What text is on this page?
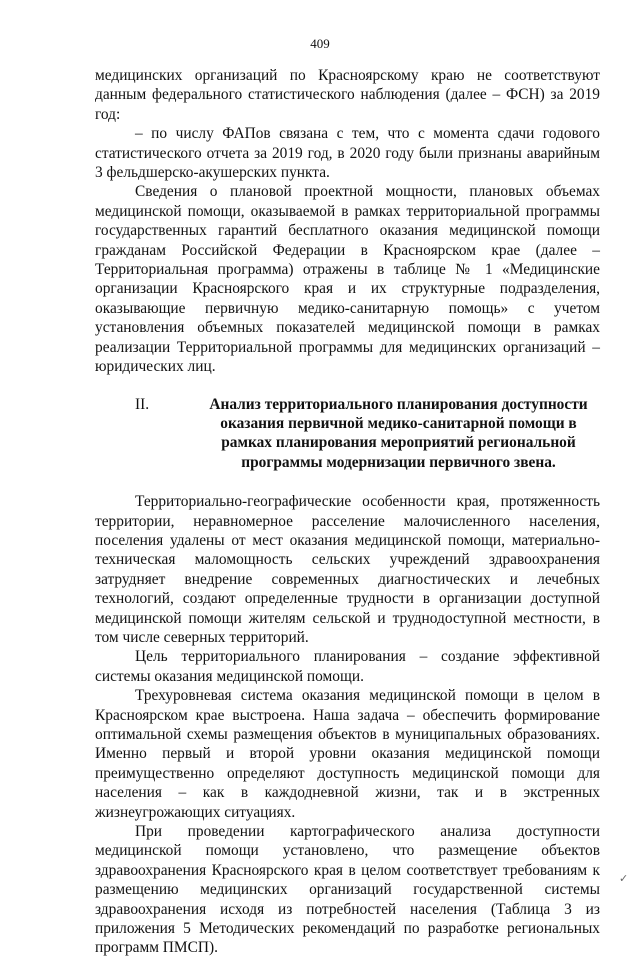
409

медицинских организаций по Красноярскому краю не соответствуют данным федерального статистического наблюдения (далее – ФСН) за 2019 год:

– по числу ФАПов связана с тем, что с момента сдачи годового статистического отчета за 2019 год, в 2020 году были признаны аварийным 3 фельдшерско-акушерских пункта.

Сведения о плановой проектной мощности, плановых объемах медицинской помощи, оказываемой в рамках территориальной программы государственных гарантий бесплатного оказания медицинской помощи гражданам Российской Федерации в Красноярском крае (далее – Территориальная программа) отражены в таблице № 1 «Медицинские организации Красноярского края и их структурные подразделения, оказывающие первичную медико-санитарную помощь» с учетом установления объемных показателей медицинской помощи в рамках реализации Территориальной программы для медицинских организаций – юридических лиц.

II.	Анализ территориального планирования доступности оказания первичной медико-санитарной помощи в рамках планирования мероприятий региональной программы модернизации первичного звена.

Территориально-географические особенности края, протяженность территории, неравномерное расселение малочисленного населения, поселения удалены от мест оказания медицинской помощи, материально-техническая маломощность сельских учреждений здравоохранения затрудняет внедрение современных диагностических и лечебных технологий, создают определенные трудности в организации доступной медицинской помощи жителям сельской и труднодоступной местности, в том числе северных территорий.

Цель территориального планирования – создание эффективной системы оказания медицинской помощи.

Трехуровневая система оказания медицинской помощи в целом в Красноярском крае выстроена. Наша задача – обеспечить формирование оптимальной схемы размещения объектов в муниципальных образованиях. Именно первый и второй уровни оказания медицинской помощи преимущественно определяют доступность медицинской помощи для населения – как в каждодневной жизни, так и в экстренных жизнеугрожающих ситуациях.

При проведении картографического анализа доступности медицинской помощи установлено, что размещение объектов здравоохранения Красноярского края в целом соответствует требованиям к размещению медицинских организаций государственной системы здравоохранения исходя из потребностей населения (Таблица 3 из приложения 5 Методических рекомендаций по разработке региональных программ ПМСП).

✓
